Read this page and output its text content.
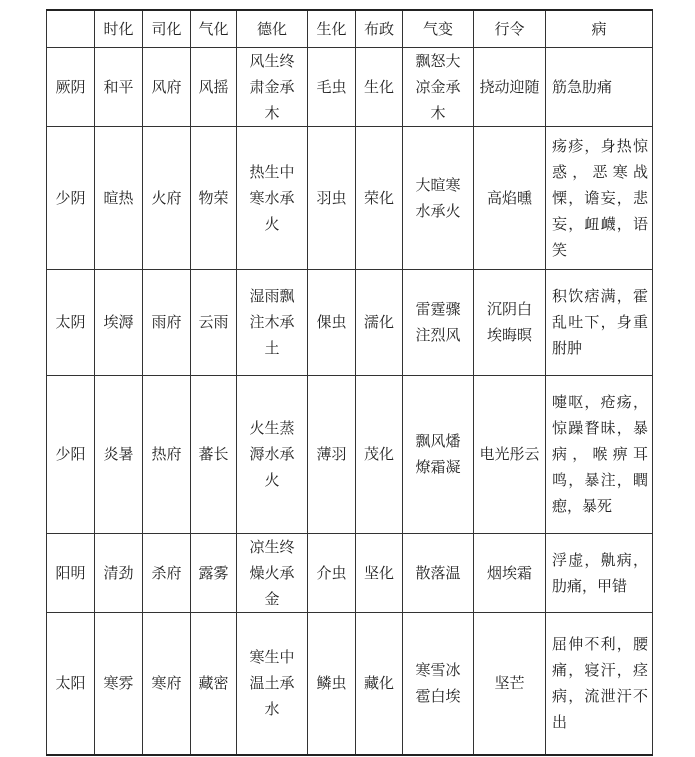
	时化	司化	气化	德化	生化	布政	气变	行令	病
厥阴	和平	风府	风摇	风生终肃金承木	毛虫	生化	飘怒大凉金承木	挠动迎随	筋急肋痛
少阴	暄热	火府	物荣	热生中寒水承火	羽虫	荣化	大暄寒水承火	高焰曛	疡疹，身热惊惑，恶寒战慄，谵妄，悲妄，衄衊，语笑
太阴	埃溽	雨府	云雨	湿雨飘注木承土	倮虫	濡化	雷霆骤注烈风	沉阴白埃晦暝	积饮痞满，霍乱吐下，身重胕肿
少阳	炎暑	热府	蕃长	火生蒸溽水承火	薄羽	茂化	飘风燔燎霜凝	电光彤云	嚏呕，疮疡，惊躁瞀昧，暴病，喉痹耳鸣，暴注，瞤瘛，暴死
阳明	清劲	杀府	露雾	凉生终燥火承金	介虫	坚化	散落温	烟埃霜	浮虚，鼽病，肋痛，甲错
太阳	寒雰	寒府	藏密	寒生中温土承水	鳞虫	藏化	寒雪冰雹白埃	坚芒	屈伸不利，腰痛，寝汗，痉病，流泄汗不出
